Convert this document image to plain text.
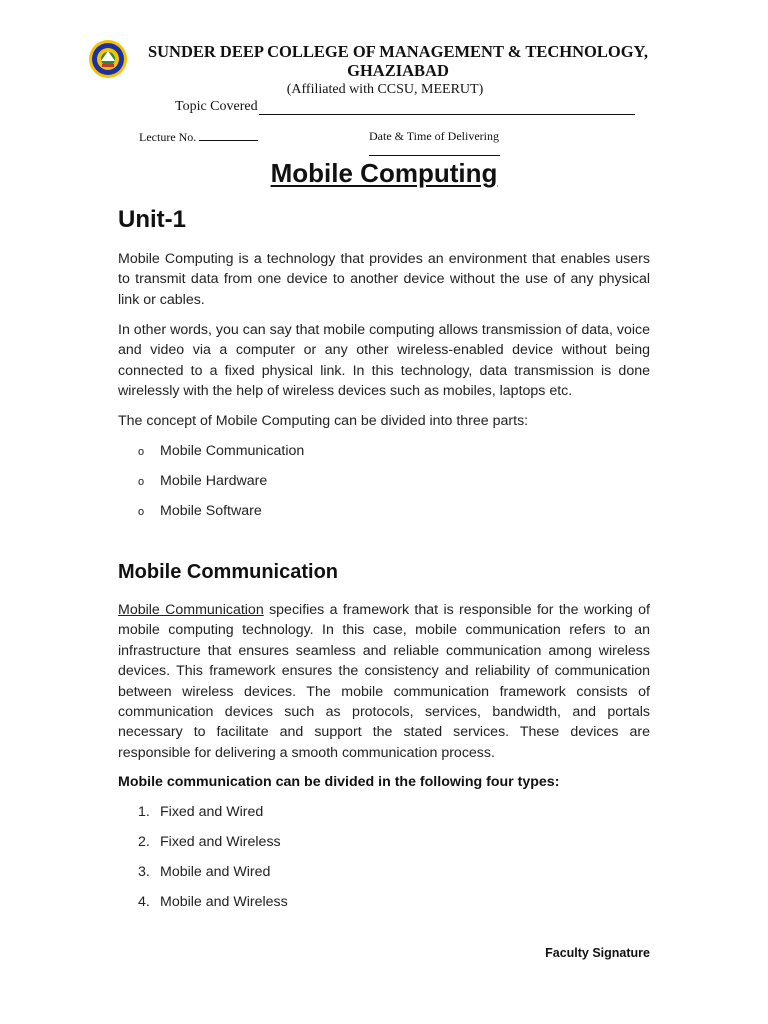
SUNDER DEEP COLLEGE OF MANAGEMENT & TECHNOLOGY, GHAZIABAD
(Affiliated with CCSU, MEERUT)
Topic Covered
Lecture No.	Date & Time of Delivering
Mobile Computing
Unit-1

Mobile Computing is a technology that provides an environment that enables users to transmit data from one device to another device without the use of any physical link or cables.

In other words, you can say that mobile computing allows transmission of data, voice and video via a computer or any other wireless-enabled device without being connected to a fixed physical link. In this technology, data transmission is done wirelessly with the help of wireless devices such as mobiles, laptops etc.

The concept of Mobile Computing can be divided into three parts:

o	Mobile Communication
o	Mobile Hardware
o	Mobile Software
Mobile Communication

Mobile Communication specifies a framework that is responsible for the working of mobile computing technology. In this case, mobile communication refers to an infrastructure that ensures seamless and reliable communication among wireless devices. This framework ensures the consistency and reliability of communication between wireless devices. The mobile communication framework consists of communication devices such as protocols, services, bandwidth, and portals necessary to facilitate and support the stated services. These devices are responsible for delivering a smooth communication process.

Mobile communication can be divided in the following four types:

1. Fixed and Wired
2. Fixed and Wireless
3. Mobile and Wired
4. Mobile and Wireless
Faculty Signature
